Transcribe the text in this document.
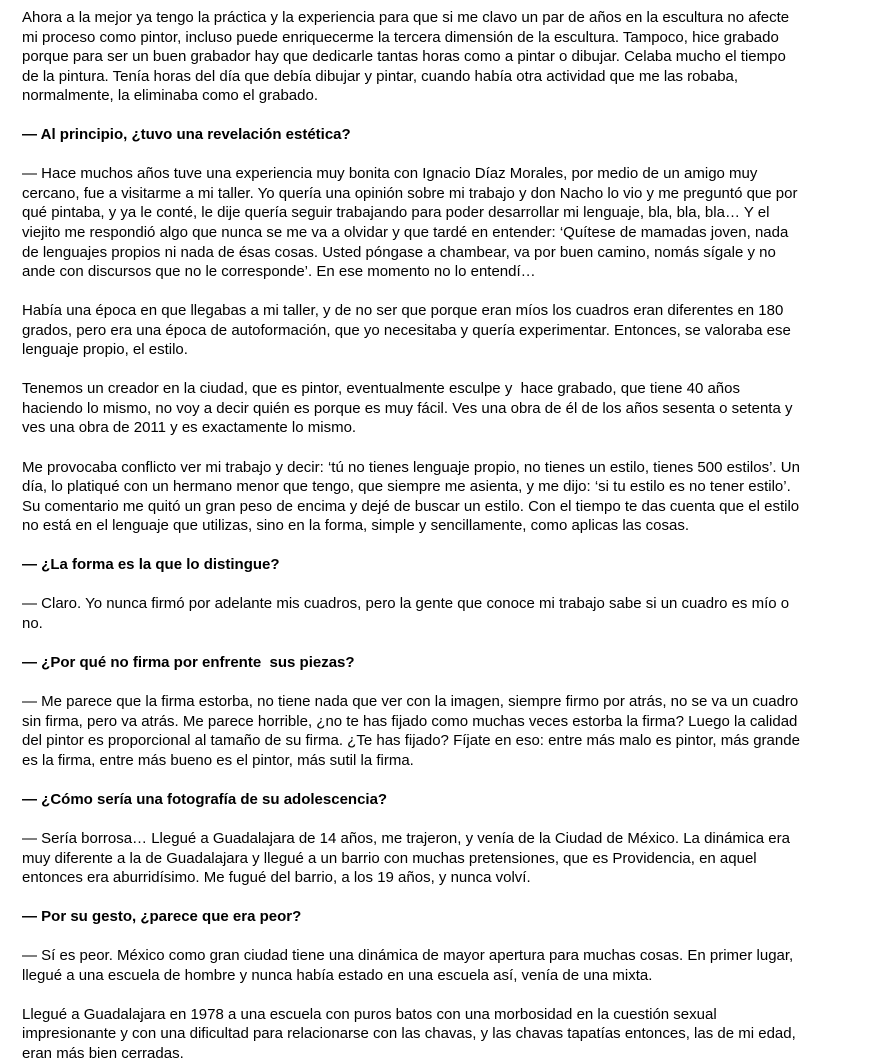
Ahora a la mejor ya tengo la práctica y la experiencia para que si me clavo un par de años en la escultura no afecte
mi proceso como pintor, incluso puede enriquecerme la tercera dimensión de la escultura. Tampoco, hice grabado
porque para ser un buen grabador hay que dedicarle tantas horas como a pintar o dibujar. Celaba mucho el tiempo
de la pintura. Tenía horas del día que debía dibujar y pintar, cuando había otra actividad que me las robaba,
normalmente, la eliminaba como el grabado.
— Al principio, ¿tuvo una revelación estética?
— Hace muchos años tuve una experiencia muy bonita con Ignacio Díaz Morales, por medio de un amigo muy
cercano, fue a visitarme a mi taller. Yo quería una opinión sobre mi trabajo y don Nacho lo vio y me preguntó que por
qué pintaba, y ya le conté, le dije quería seguir trabajando para poder desarrollar mi lenguaje, bla, bla, bla… Y el
viejito me respondió algo que nunca se me va a olvidar y que tardé en entender: ‘Quítese de mamadas joven, nada
de lenguajes propios ni nada de ésas cosas. Usted póngase a chambear, va por buen camino, nomás sígale y no
ande con discursos que no le corresponde’. En ese momento no lo entendí…
Había una época en que llegabas a mi taller, y de no ser que porque eran míos los cuadros eran diferentes en 180
grados, pero era una época de autoformación, que yo necesitaba y quería experimentar. Entonces, se valoraba ese
lenguaje propio, el estilo.
Tenemos un creador en la ciudad, que es pintor, eventualmente esculpe y  hace grabado, que tiene 40 años
haciendo lo mismo, no voy a decir quién es porque es muy fácil. Ves una obra de él de los años sesenta o setenta y
ves una obra de 2011 y es exactamente lo mismo.
Me provocaba conflicto ver mi trabajo y decir: ‘tú no tienes lenguaje propio, no tienes un estilo, tienes 500 estilos’. Un
día, lo platiqué con un hermano menor que tengo, que siempre me asienta, y me dijo: ‘si tu estilo es no tener estilo’.
Su comentario me quitó un gran peso de encima y dejé de buscar un estilo. Con el tiempo te das cuenta que el estilo
no está en el lenguaje que utilizas, sino en la forma, simple y sencillamente, como aplicas las cosas.
— ¿La forma es la que lo distingue?
— Claro. Yo nunca firmó por adelante mis cuadros, pero la gente que conoce mi trabajo sabe si un cuadro es mío o
no.
— ¿Por qué no firma por enfrente  sus piezas?
— Me parece que la firma estorba, no tiene nada que ver con la imagen, siempre firmo por atrás, no se va un cuadro
sin firma, pero va atrás. Me parece horrible, ¿no te has fijado como muchas veces estorba la firma? Luego la calidad
del pintor es proporcional al tamaño de su firma. ¿Te has fijado? Fíjate en eso: entre más malo es pintor, más grande
es la firma, entre más bueno es el pintor, más sutil la firma.
— ¿Cómo sería una fotografía de su adolescencia?
— Sería borrosa… Llegué a Guadalajara de 14 años, me trajeron, y venía de la Ciudad de México. La dinámica era
muy diferente a la de Guadalajara y llegué a un barrio con muchas pretensiones, que es Providencia, en aquel
entonces era aburridísimo. Me fugué del barrio, a los 19 años, y nunca volví.
— Por su gesto, ¿parece que era peor?
— Sí es peor. México como gran ciudad tiene una dinámica de mayor apertura para muchas cosas. En primer lugar,
llegué a una escuela de hombre y nunca había estado en una escuela así, venía de una mixta.
Llegué a Guadalajara en 1978 a una escuela con puros batos con una morbosidad en la cuestión sexual
impresionante y con una dificultad para relacionarse con las chavas, y las chavas tapatías entonces, las de mi edad,
eran más bien cerradas.
